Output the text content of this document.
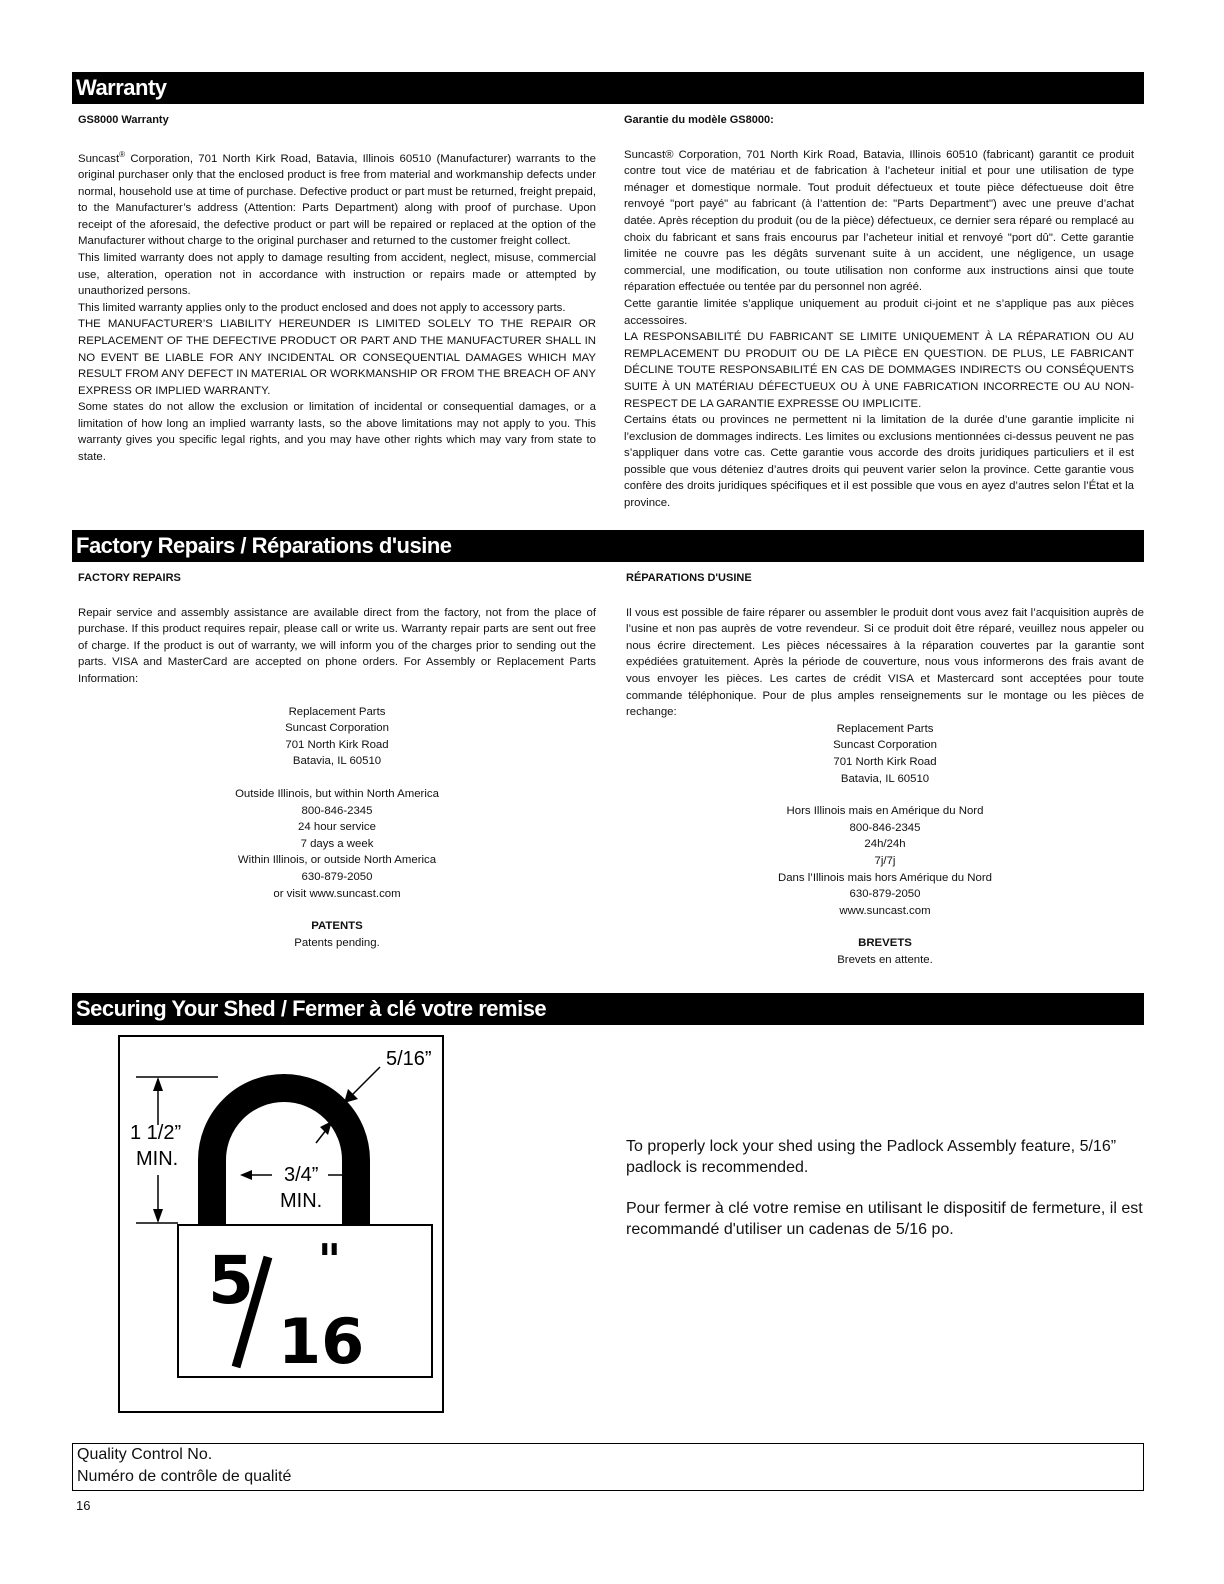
Warranty

GS8000 Warranty

Suncast® Corporation, 701 North Kirk Road, Batavia, Illinois 60510 (Manufacturer) warrants to the original purchaser only that the enclosed product is free from material and workmanship defects under normal, household use at time of purchase. Defective product or part must be returned, freight prepaid, to the Manufacturer’s address (Attention: Parts Department) along with proof of purchase. Upon receipt of the aforesaid, the defective product or part will be repaired or replaced at the option of the Manufacturer without charge to the original purchaser and returned to the customer freight collect.

This limited warranty does not apply to damage resulting from accident, neglect, misuse, commercial use, alteration, operation not in accordance with instruction or repairs made or attempted by unauthorized persons.

This limited warranty applies only to the product enclosed and does not apply to accessory parts.

THE MANUFACTURER’S LIABILITY HEREUNDER IS LIMITED SOLELY TO THE REPAIR OR REPLACEMENT OF THE DEFECTIVE PRODUCT OR PART AND THE MANUFACTURER SHALL IN NO EVENT BE LIABLE FOR ANY INCIDENTAL OR CONSEQUENTIAL DAMAGES WHICH MAY RESULT FROM ANY DEFECT IN MATERIAL OR WORKMANSHIP OR FROM THE BREACH OF ANY EXPRESS OR IMPLIED WARRANTY.

Some states do not allow the exclusion or limitation of incidental or consequential damages, or a limitation of how long an implied warranty lasts, so the above limitations may not apply to you. This warranty gives you specific legal rights, and you may have other rights which may vary from state to state.

Garantie du modèle GS8000:

Suncast® Corporation, 701 North Kirk Road, Batavia, Illinois 60510 (fabricant) garantit ce produit contre tout vice de matériau et de fabrication à l’acheteur initial et pour une utilisation de type ménager et domestique normale. Tout produit défectueux et toute pièce défectueuse doit être renvoyé "port payé" au fabricant (à l’attention de: "Parts Department") avec une preuve d’achat datée. Après réception du produit (ou de la pièce) défectueux, ce dernier sera réparé ou remplacé au choix du fabricant et sans frais encourus par l’acheteur initial et renvoyé "port dû". Cette garantie limitée ne couvre pas les dégâts survenant suite à un accident, une négligence, un usage commercial, une modification, ou toute utilisation non conforme aux instructions ainsi que toute réparation effectuée ou tentée par du personnel non agréé.

Cette garantie limitée s’applique uniquement au produit ci-joint et ne s’applique pas aux pièces accessoires.

LA RESPONSABILITÉ DU FABRICANT SE LIMITE UNIQUEMENT À LA RÉPARATION OU AU REMPLACEMENT DU PRODUIT OU DE LA PIÈCE EN QUESTION. DE PLUS, LE FABRICANT DÉCLINE TOUTE RESPONSABILITÉ EN CAS DE DOMMAGES INDIRECTS OU CONSÉQUENTS SUITE À UN MATÉRIAU DÉFECTUEUX OU À UNE FABRICATION INCORRECTE OU AU NON-RESPECT DE LA GARANTIE EXPRESSE OU IMPLICITE.

Certains états ou provinces ne permettent ni la limitation de la durée d’une garantie implicite ni l’exclusion de dommages indirects. Les limites ou exclusions mentionnées ci-dessus peuvent ne pas s’appliquer dans votre cas. Cette garantie vous accorde des droits juridiques particuliers et il est possible que vous déteniez d’autres droits qui peuvent varier selon la province. Cette garantie vous confère des droits juridiques spécifiques et il est possible que vous en ayez d’autres selon l’État et la province.

Factory Repairs / Réparations d'usine

FACTORY REPAIRS

Repair service and assembly assistance are available direct from the factory, not from the place of purchase. If this product requires repair, please call or write us. Warranty repair parts are sent out free of charge. If the product is out of warranty, we will inform you of the charges prior to sending out the parts. VISA and MasterCard are accepted on phone orders. For Assembly or Replacement Parts Information:

Replacement Parts

Suncast Corporation

701 North Kirk Road

Batavia, IL 60510

Outside Illinois, but within North America

800-846-2345

24 hour service

7 days a week

Within Illinois, or outside North America

630-879-2050

or visit www.suncast.com

PATENTS

Patents pending.

RÉPARATIONS D'USINE

Il vous est possible de faire réparer ou assembler le produit dont vous avez fait l’acquisition auprès de l’usine et non pas auprès de votre revendeur. Si ce produit doit être réparé, veuillez nous appeler ou nous écrire directement. Les pièces nécessaires à la réparation couvertes par la garantie sont expédiées gratuitement. Après la période de couverture, nous vous informerons des frais avant de vous envoyer les pièces. Les cartes de crédit VISA et Mastercard sont acceptées pour toute commande téléphonique. Pour de plus amples renseignements sur le montage ou les pièces de rechange:

Replacement Parts

Suncast Corporation

701 North Kirk Road

Batavia, IL 60510

Hors Illinois mais en Amérique du Nord

800-846-2345

24h/24h

7j/7j

Dans l’Illinois mais hors Amérique du Nord

630-879-2050

www.suncast.com

BREVETS

Brevets en attente.

Securing Your Shed / Fermer à clé votre remise
1 1/2”
MIN.
5/16”
3/4”
MIN.
5 "
16

To properly lock your shed using the Padlock Assembly feature, 5/16” padlock is recommended.

Pour fermer à clé votre remise en utilisant le dispositif de fermeture, il est recommandé d'utiliser un cadenas de 5/16 po.

Quality Control No.
Numéro de contrôle de qualité
16
